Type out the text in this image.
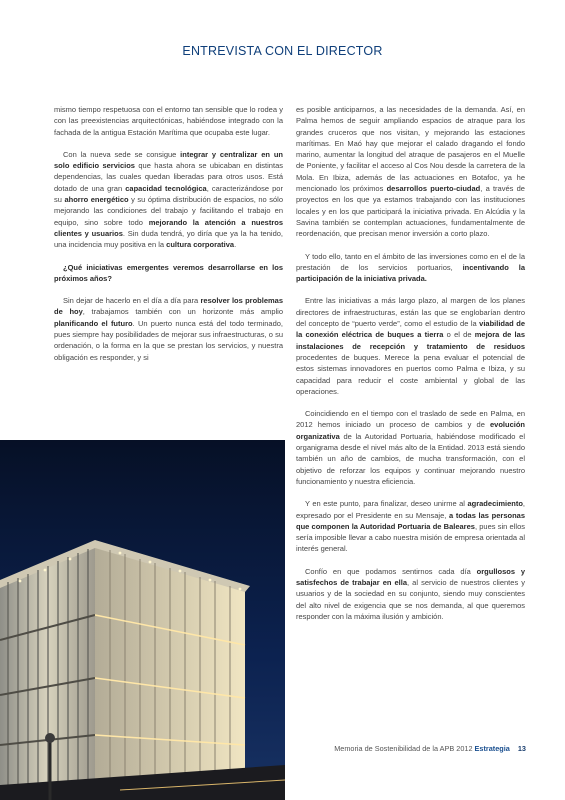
ENTREVISTA CON EL DIRECTOR

mismo tiempo respetuosa con el entorno tan sensible que lo rodea y con las preexistencias arquitectónicas, habiéndose integrado con la fachada de la antigua Estación Marítima que ocupaba este lugar.

Con la nueva sede se consigue integrar y centralizar en un solo edificio servicios que hasta ahora se ubicaban en distintas dependencias, las cuales quedan liberadas para otros usos. Está dotado de una gran capacidad tecnológica, caracterizándose por su ahorro energético y su óptima distribución de espacios, no sólo mejorando las condiciones del trabajo y facilitando el trabajo en equipo, sino sobre todo mejorando la atención a nuestros clientes y usuarios. Sin duda tendrá, yo diría que ya la ha tenido, una incidencia muy positiva en la cultura corporativa.

¿Qué iniciativas emergentes veremos desarrollarse en los próximos años?

Sin dejar de hacerlo en el día a día para resolver los problemas de hoy, trabajamos también con un horizonte más amplio planificando el futuro. Un puerto nunca está del todo terminado, pues siempre hay posibilidades de mejorar sus infraestructuras, o su ordenación, o la forma en la que se prestan los servicios, y nuestra obligación es responder, y si

es posible anticiparnos, a las necesidades de la demanda. Así, en Palma hemos de seguir ampliando espacios de atraque para los grandes cruceros que nos visitan, y mejorando las estaciones marítimas. En Maó hay que mejorar el calado dragando el fondo marino, aumentar la longitud del atraque de pasajeros en el Muelle de Poniente, y facilitar el acceso al Cos Nou desde la carretera de la Mola. En Ibiza, además de las actuaciones en Botafoc, ya he mencionado los próximos desarrollos puerto-ciudad, a través de proyectos en los que ya estamos trabajando con las instituciones locales y en los que participará la iniciativa privada. En Alcúdia y la Savina también se contemplan actuaciones, fundamentalmente de reordenación, que precisan menor inversión a corto plazo.

Y todo ello, tanto en el ámbito de las inversiones como en el de la prestación de los servicios portuarios, incentivando la participación de la iniciativa privada.

Entre las iniciativas a más largo plazo, al margen de los planes directores de infraestructuras, están las que se englobarían dentro del concepto de “puerto verde”, como el estudio de la viabilidad de la conexión eléctrica de buques a tierra o el de mejora de las instalaciones de recepción y tratamiento de residuos procedentes de buques. Merece la pena evaluar el potencial de estos sistemas innovadores en puertos como Palma e Ibiza, y su capacidad para reducir el coste ambiental y global de las operaciones.

Coincidiendo en el tiempo con el traslado de sede en Palma, en 2012 hemos iniciado un proceso de cambios y de evolución organizativa de la Autoridad Portuaria, habiéndose modificado el organigrama desde el nivel más alto de la Entidad. 2013 está siendo también un año de cambios, de mucha transformación, con el objetivo de reforzar los equipos y continuar mejorando nuestro funcionamiento y nuestra eficiencia.

Y en este punto, para finalizar, deseo unirme al agradecimiento, expresado por el Presidente en su Mensaje, a todas las personas que componen la Autoridad Portuaria de Baleares, pues sin ellos sería imposible llevar a cabo nuestra misión de empresa orientada al interés general.

Confío en que podamos sentirnos cada día orgullosos y satisfechos de trabajar en ella, al servicio de nuestros clientes y usuarios y de la sociedad en su conjunto, siendo muy conscientes del alto nivel de exigencia que se nos demanda, al que queremos responder con la máxima ilusión y ambición.

Memoria de Sostenibilidad de la APB 2012 Estrategia 13
